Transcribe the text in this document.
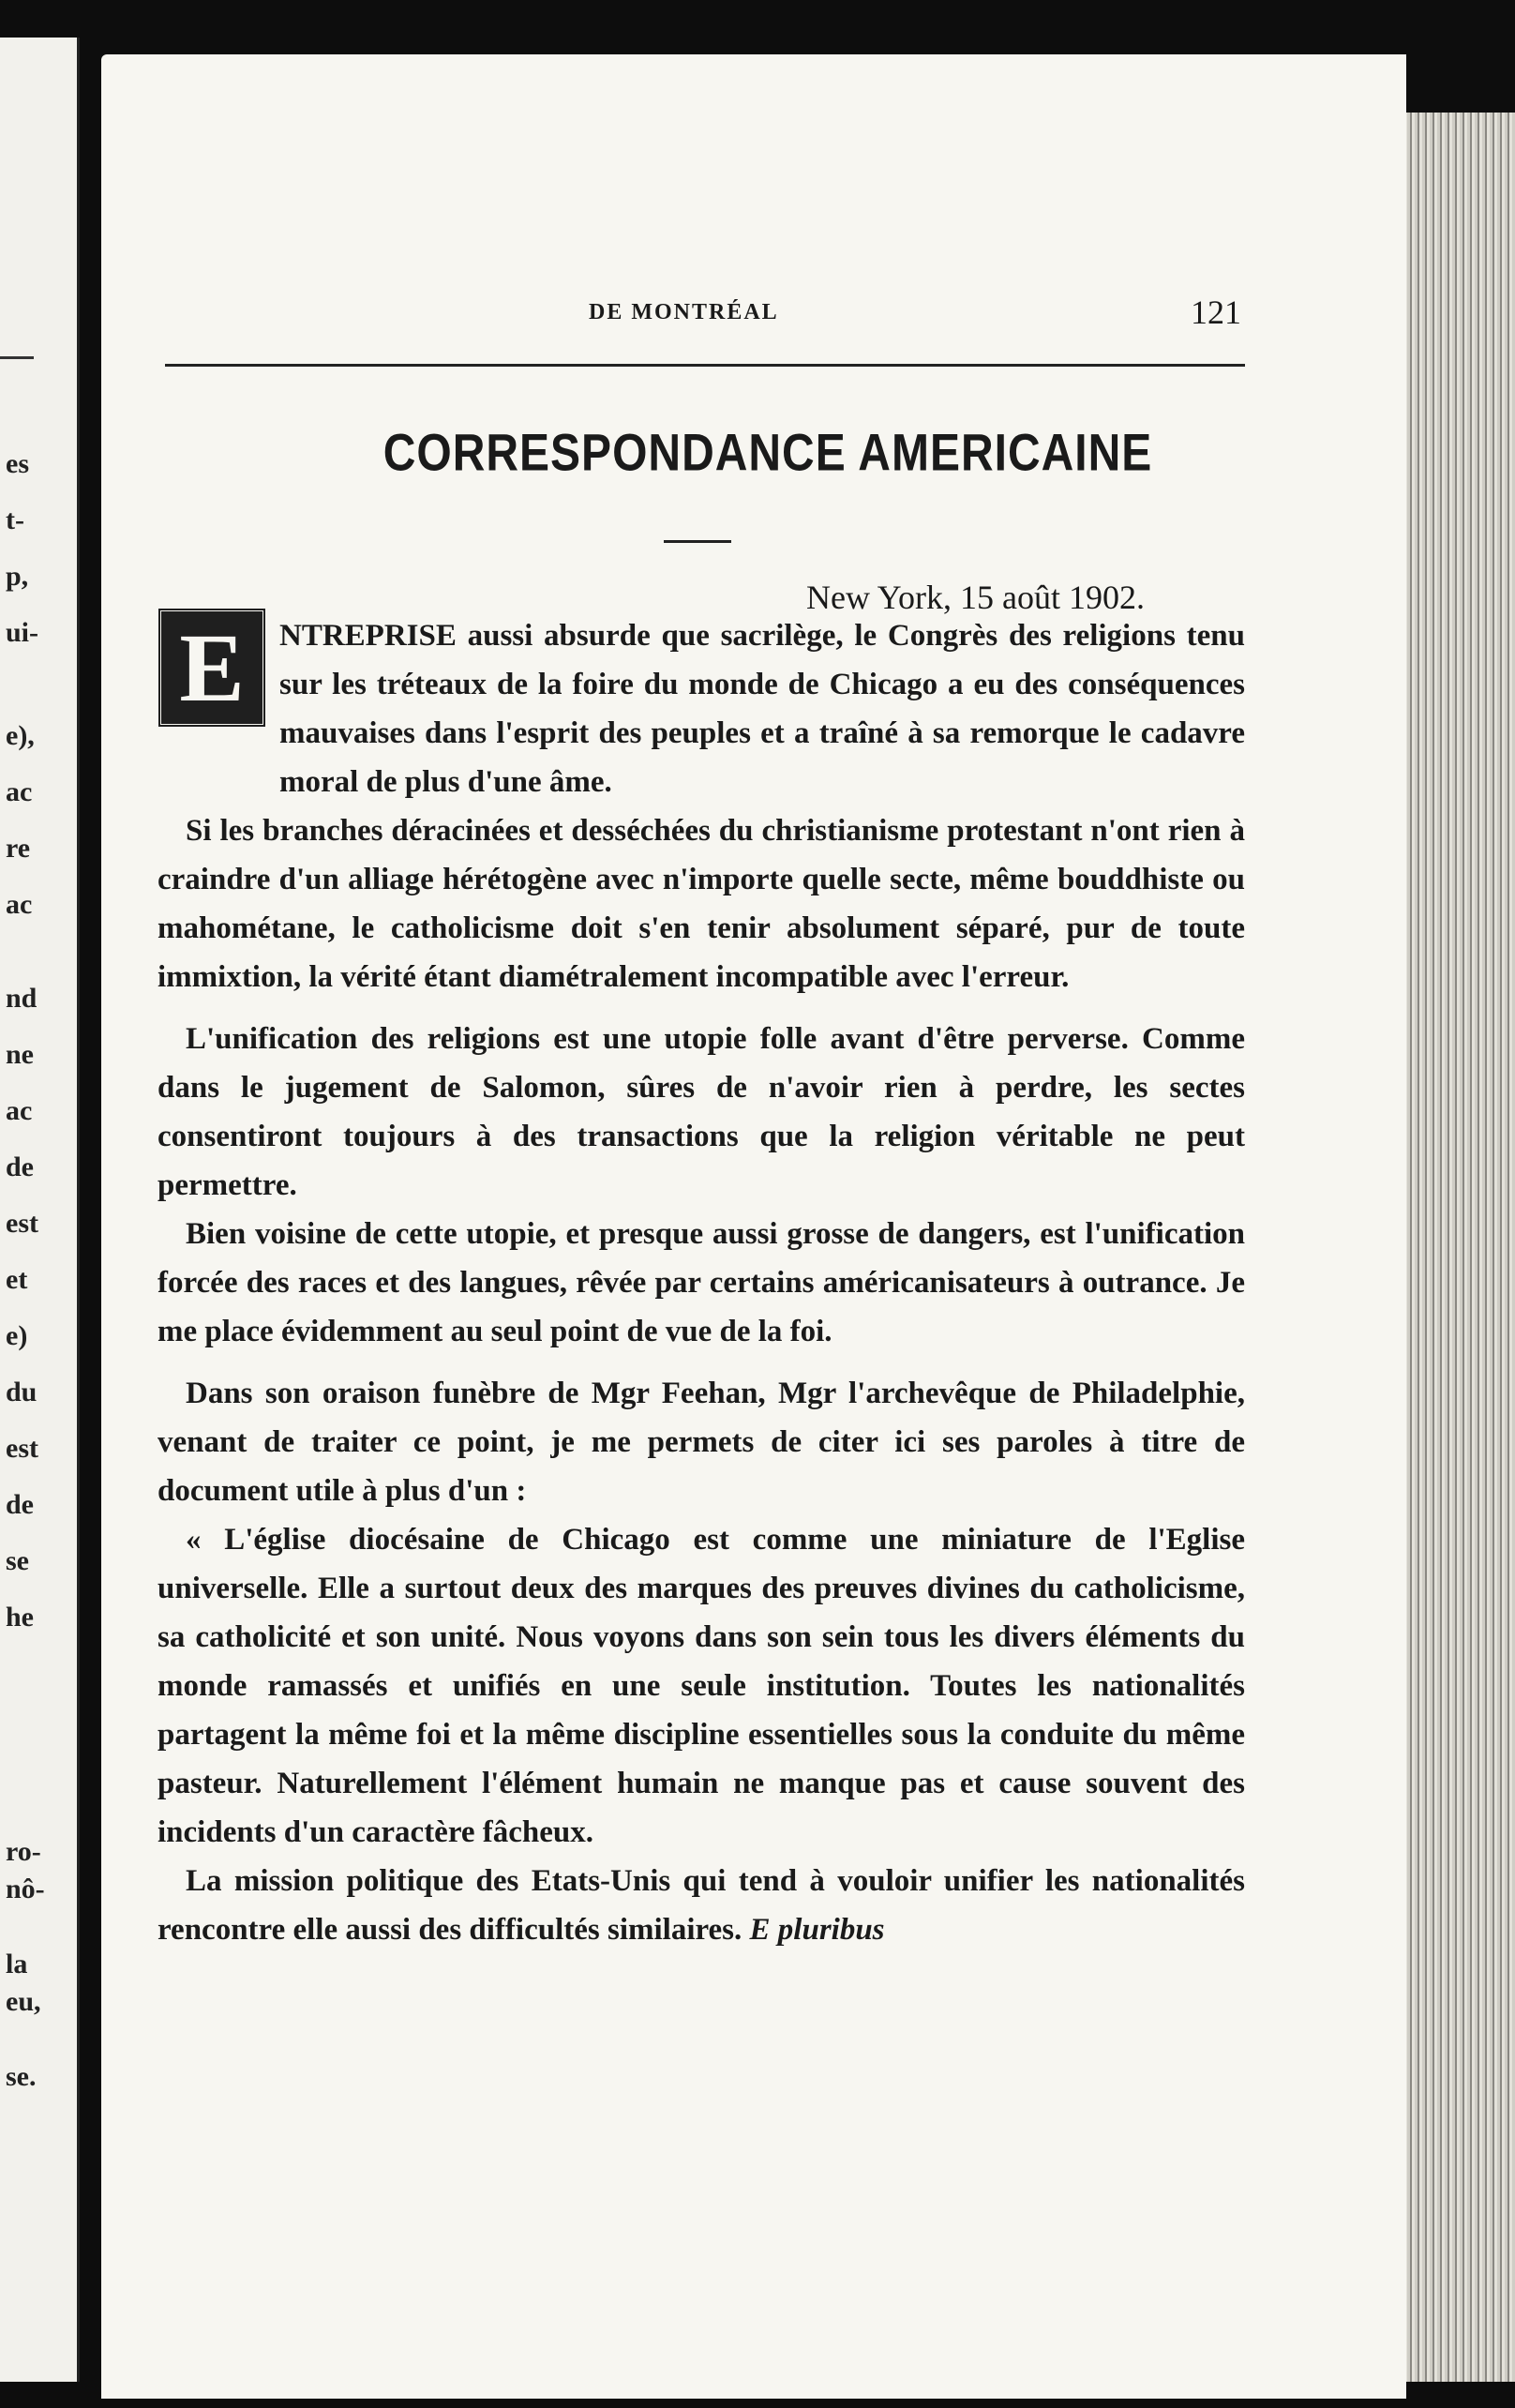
es
t-
p,
ui-
e),
ac
re
ac
nd
ne
ac
de
est
et
e)
du
est
de
se
he
ro-
nô-
la
eu,
se.
DE MONTRÉAL	121
CORRESPONDANCE AMERICAINE
New York, 15 août 1902.
E	NTREPRISE aussi absurde que sacrilège, le Congrès des religions tenu sur les tréteaux de la foire du monde de Chicago a eu des conséquences mauvaises dans l'esprit des peuples et a traîné à sa remorque le cadavre moral de plus d'une âme.

Si les branches déracinées et desséchées du christianisme protestant n'ont rien à craindre d'un alliage hérétogène avec n'importe quelle secte, même bouddhiste ou mahométane, le catholicisme doit s'en tenir absolument séparé, pur de toute immixtion, la vérité étant diamétralement incompatible avec l'erreur.

L'unification des religions est une utopie folle avant d'être perverse. Comme dans le jugement de Salomon, sûres de n'avoir rien à perdre, les sectes consentiront toujours à des transactions que la religion véritable ne peut permettre.

Bien voisine de cette utopie, et presque aussi grosse de dangers, est l'unification forcée des races et des langues, rêvée par certains américanisateurs à outrance. Je me place évidemment au seul point de vue de la foi.

Dans son oraison funèbre de Mgr Feehan, Mgr l'archevêque de Philadelphie, venant de traiter ce point, je me permets de citer ici ses paroles à titre de document utile à plus d'un :

« L'église diocésaine de Chicago est comme une miniature de l'Eglise universelle. Elle a surtout deux des marques des preuves divines du catholicisme, sa catholicité et son unité. Nous voyons dans son sein tous les divers éléments du monde ramassés et unifiés en une seule institution. Toutes les nationalités partagent la même foi et la même discipline essentielles sous la conduite du même pasteur. Naturellement l'élément humain ne manque pas et cause souvent des incidents d'un caractère fâcheux.

La mission politique des Etats-Unis qui tend à vouloir unifier les nationalités rencontre elle aussi des difficultés similaires. E pluribus
